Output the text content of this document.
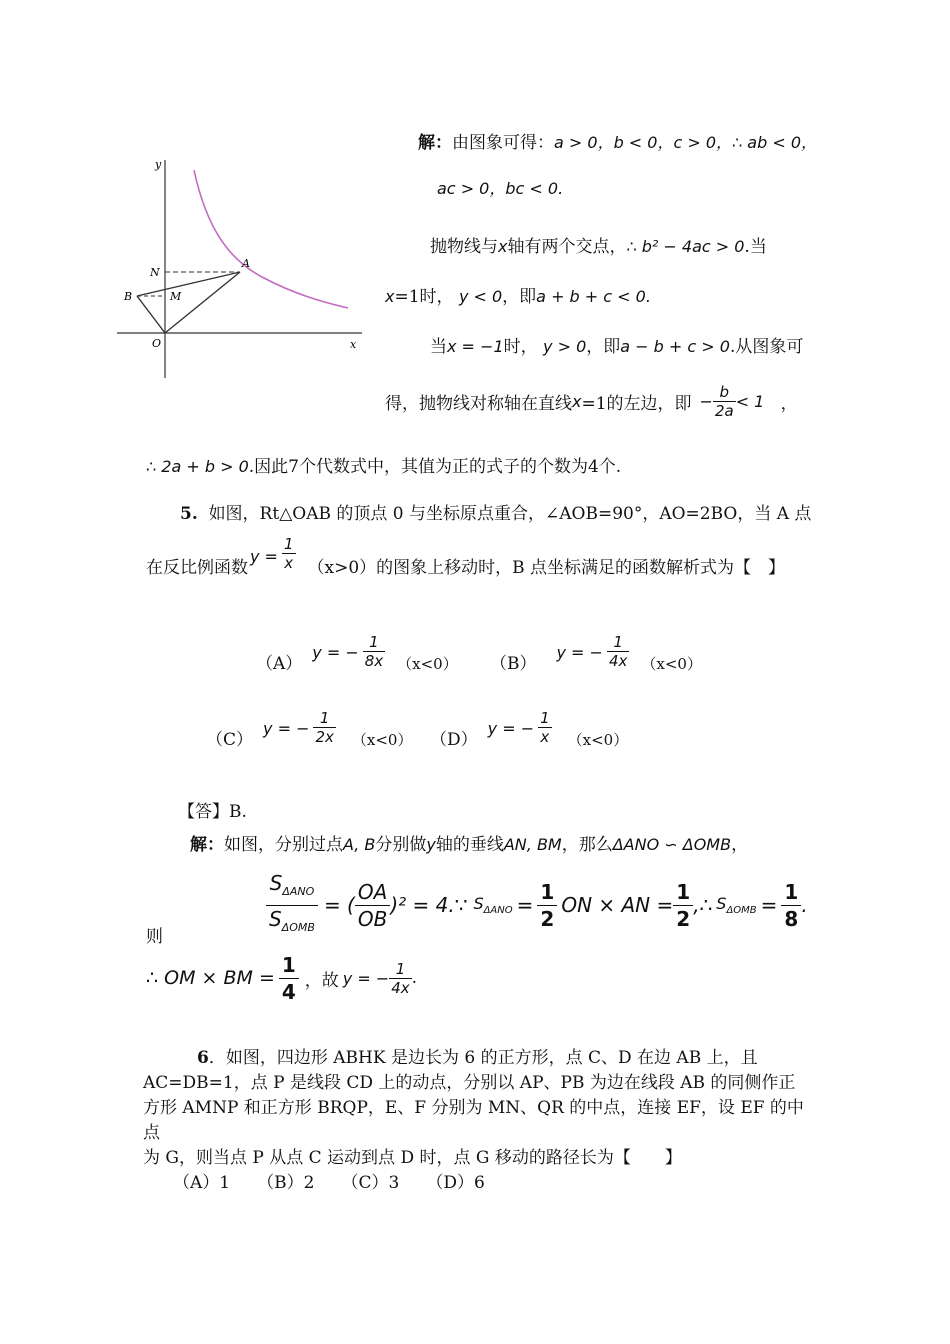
y
x
N
A
B	M
O
解：由图象可得：a > 0，b < 0，c > 0，∴ ab < 0，
ac > 0，bc < 0.
抛物线与x轴有两个交点，∴ b² − 4ac > 0.当
x=1时， y < 0，即a + b + c < 0.
当x = −1时， y > 0，即a − b + c > 0.从图象可
得，抛物线对称轴在直线 x =1的左边，即 − $\frac{b}{2a} < 1$ ，
∴ 2a + b > 0.因此7个代数式中，其值为正的式子的个数为4个.
5. 如图，Rt△OAB 的顶点 0 与坐标原点重合，∠AOB=90°，AO=2BO，当 A 点
在反比例函数
$y = \frac{1}{x} (x>0)$的图象上移动时，B 点坐标满足的函数解析式为【　】
（A）
y = − $\frac{1}{8x} (x<0)$ （B）
y = − $\frac{1}{4x} (x<0)$
（C）
y = − $\frac{1}{2x} (x<0)$ （D）
y = − $\frac{1}{x} (x<0)$
【答】B.
解：如图，分别过点A, B分别做y轴的垂线AN, BM，那么ΔANO ∽ ΔOMB，
$\frac{S_{\Delta ANO}}{S_{\Delta OMB}}$ = ( $\frac{OA}{OB} )^2$ = 4.∵ $S_{\Delta ANO} = \frac{1}{2}$ ON × AN = $\frac{1}{2}$ ,∴ $S_{\Delta OMB} = \frac{1}{8}$ .
则
∴ OM × BM = $\frac{1}{4}$ ，故 y = − $\frac{1}{4x}$ .
6．如图，四边形 ABHK 是边长为 6 的正方形，点 C、D 在边 AB 上，且
AC=DB=1，点 P 是线段 CD 上的动点，分别以 AP、PB 为边在线段 AB 的同侧作正
方形 AMNP 和正方形 BRQP，E、F 分别为 MN、QR 的中点，连接 EF，设 EF 的中点
为 G，则当点 P 从点 C 运动到点 D 时，点 G 移动的路径长为【　　】
（A）1 （B）2 （C）3 （D）6
